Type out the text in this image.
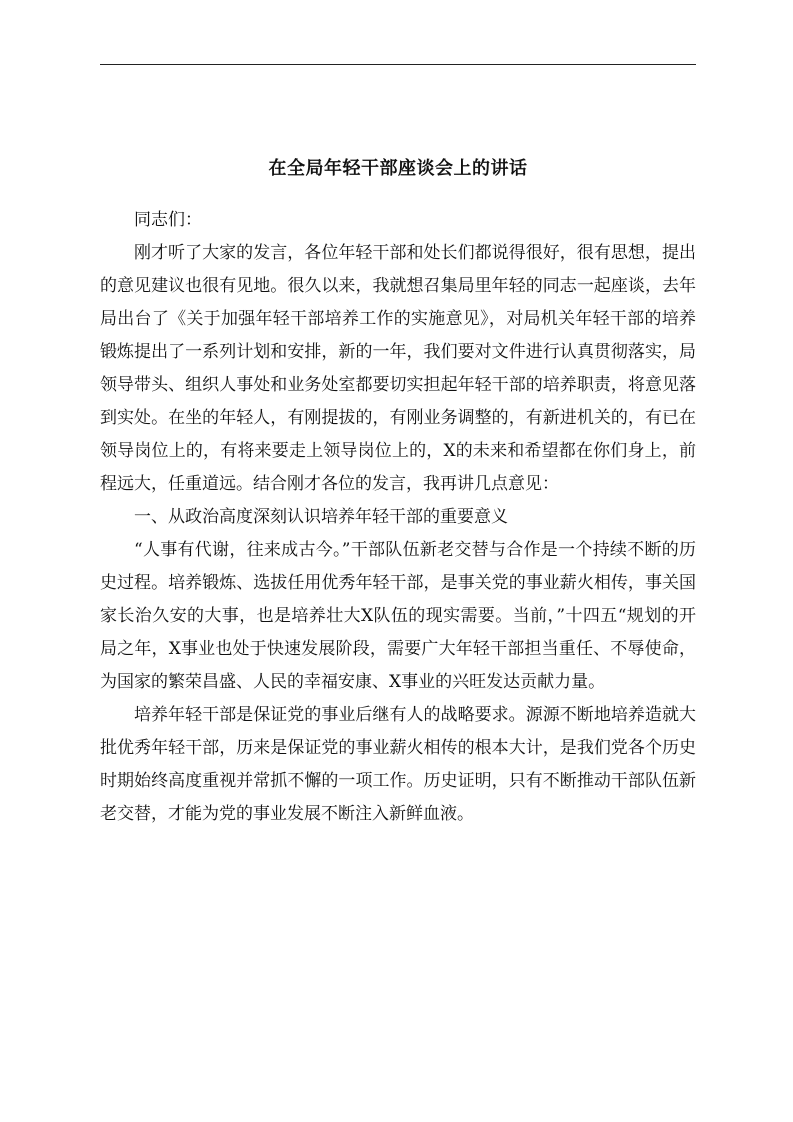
在全局年轻干部座谈会上的讲话

同志们：

刚才听了大家的发言，各位年轻干部和处长们都说得很好，很有思想，提出的意见建议也很有见地。很久以来，我就想召集局里年轻的同志一起座谈，去年局出台了《关于加强年轻干部培养工作的实施意见》，对局机关年轻干部的培养锻炼提出了一系列计划和安排，新的一年，我们要对文件进行认真贯彻落实，局领导带头、组织人事处和业务处室都要切实担起年轻干部的培养职责，将意见落到实处。在坐的年轻人，有刚提拔的，有刚业务调整的，有新进机关的，有已在领导岗位上的，有将来要走上领导岗位上的，X的未来和希望都在你们身上，前程远大，任重道远。结合刚才各位的发言，我再讲几点意见：

一、从政治高度深刻认识培养年轻干部的重要意义

“人事有代谢，往来成古今。”干部队伍新老交替与合作是一个持续不断的历史过程。培养锻炼、选拔任用优秀年轻干部，是事关党的事业薪火相传，事关国家长治久安的大事，也是培养壮大X队伍的现实需要。当前，”十四五“规划的开局之年，X事业也处于快速发展阶段，需要广大年轻干部担当重任、不辱使命，为国家的繁荣昌盛、人民的幸福安康、X事业的兴旺发达贡献力量。

培养年轻干部是保证党的事业后继有人的战略要求。源源不断地培养造就大批优秀年轻干部，历来是保证党的事业薪火相传的根本大计，是我们党各个历史时期始终高度重视并常抓不懈的一项工作。历史证明，只有不断推动干部队伍新老交替，才能为党的事业发展不断注入新鲜血液。
